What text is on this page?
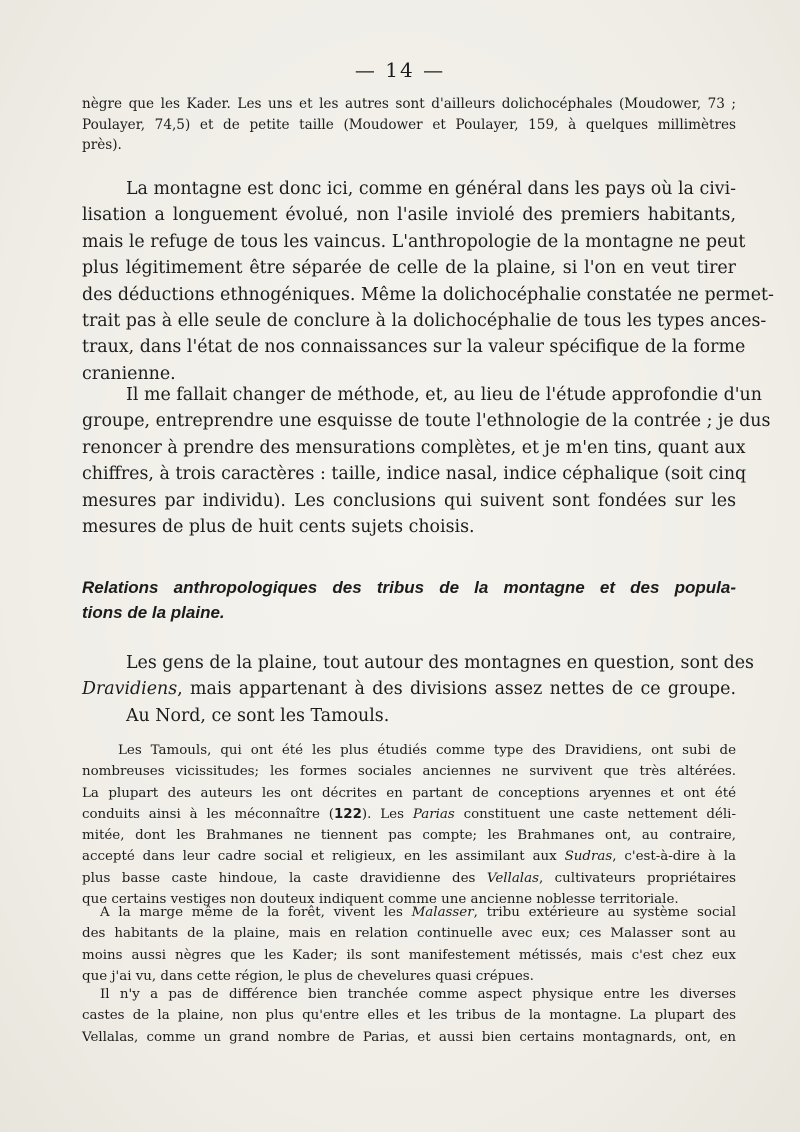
— 14 —
nègre que les Kader. Les uns et les autres sont d'ailleurs dolichocéphales (Moudower, 73 ;
Poulayer, 74,5) et de petite taille (Moudower et Poulayer, 159, à quelques millimètres
près).
La montagne est donc ici, comme en général dans les pays où la civi-
lisation a longuement évolué, non l'asile inviolé des premiers habitants,
mais le refuge de tous les vaincus. L'anthropologie de la montagne ne peut
plus légitimement être séparée de celle de la plaine, si l'on en veut tirer
des déductions ethnogéniques. Même la dolichocéphalie constatée ne permet-
trait pas à elle seule de conclure à la dolichocéphalie de tous les types ances-
traux, dans l'état de nos connaissances sur la valeur spécifique de la forme
cranienne.
Il me fallait changer de méthode, et, au lieu de l'étude approfondie d'un
groupe, entreprendre une esquisse de toute l'ethnologie de la contrée ; je dus
renoncer à prendre des mensurations complètes, et je m'en tins, quant aux
chiffres, à trois caractères : taille, indice nasal, indice céphalique (soit cinq
mesures par individu). Les conclusions qui suivent sont fondées sur les
mesures de plus de huit cents sujets choisis.
Relations anthropologiques des tribus de la montagne et des popula-
tions de la plaine.
Les gens de la plaine, tout autour des montagnes en question, sont des
Dravidiens, mais appartenant à des divisions assez nettes de ce groupe.
Au Nord, ce sont les Tamouls.
Les Tamouls, qui ont été les plus étudiés comme type des Dravidiens, ont subi de
nombreuses vicissitudes; les formes sociales anciennes ne survivent que très altérées.
La plupart des auteurs les ont décrites en partant de conceptions aryennes et ont été
conduits ainsi à les méconnaître (122). Les Parias constituent une caste nettement déli-
mitée, dont les Brahmanes ne tiennent pas compte; les Brahmanes ont, au contraire,
accepté dans leur cadre social et religieux, en les assimilant aux Sudras, c'est-à-dire à la
plus basse caste hindoue, la caste dravidienne des Vellalas, cultivateurs propriétaires
que certains vestiges non douteux indiquent comme une ancienne noblesse territoriale.
A la marge même de la forêt, vivent les Malasser, tribu extérieure au système social
des habitants de la plaine, mais en relation continuelle avec eux; ces Malasser sont au
moins aussi nègres que les Kader; ils sont manifestement métissés, mais c'est chez eux
que j'ai vu, dans cette région, le plus de chevelures quasi crépues.
Il n'y a pas de différence bien tranchée comme aspect physique entre les diverses
castes de la plaine, non plus qu'entre elles et les tribus de la montagne. La plupart des
Vellalas, comme un grand nombre de Parias, et aussi bien certains montagnards, ont, en
